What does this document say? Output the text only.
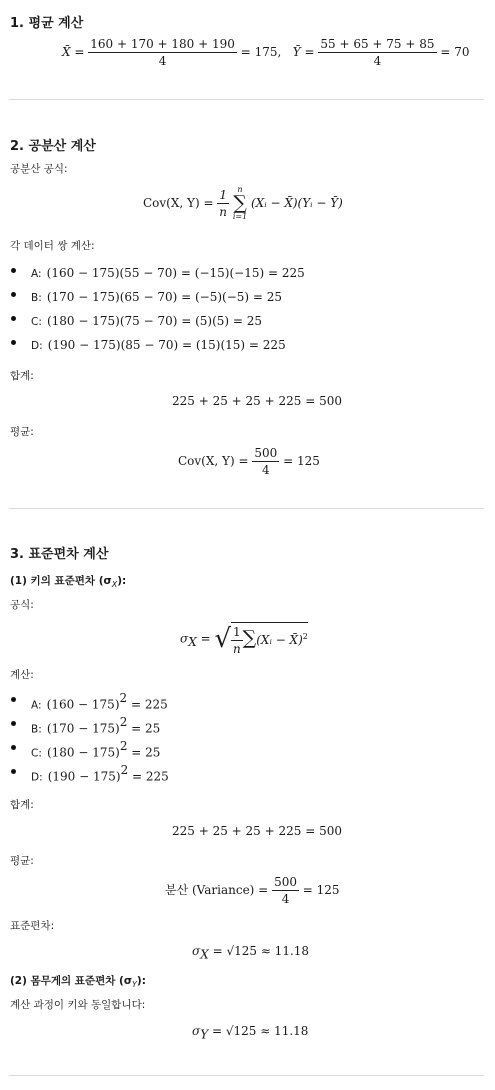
1. 평균 계산
X̄ = $\frac{160 + 170 + 180 + 190}{4} = 175$, Ȳ = $\frac{55 + 65 + 75 + 85}{4} = 70$
2. 공분산 계산
공분산 공식:
Cov(X, $Y) = \frac{1}{n}$
	n
∑
i=1
(Xᵢ − X̄)(Yᵢ − Ȳ)
각 데이터 쌍 계산:
A: (160 − 175)(55 − 70) = (−15)(−15) = 225
B: (170 − 175)(65 − 70) = (−5)(−5) = 25
C: (180 − 175)(75 − 70) = (5)(5) = 25
D: (190 − 175)(85 − 70) = (15)(15) = 225
합계:
225 + 25 + 25 + 225 = 500
평균:
Cov(X, $Y) = \frac{500}{4} = 125$
3. 표준편차 계산
(1) 키의 표준편차 $(\sigma_X)$:
공식:
$\sigma_X$ = √ $\frac{1}{n}$ ∑(Xᵢ − X̄)$^2$
계산:
A: $(160 - 175)^2 = 225$
B: $(170 - 175)^2 = 25$
C: $(180 - 175)^2 = 25$
D: $(190 - 175)^2 = 225$
합계:
225 + 25 + 25 + 225 = 500
평균:
분산 (Variance) = $\frac{500}{4} = 125$
표준편차:
$\sigma_X = √125 \approx 11.18$
(2) 몸무게의 표준편차 $(\sigma_Y)$:
계산 과정이 키와 동일합니다:
$\sigma_Y = √125 \approx 11.18$
